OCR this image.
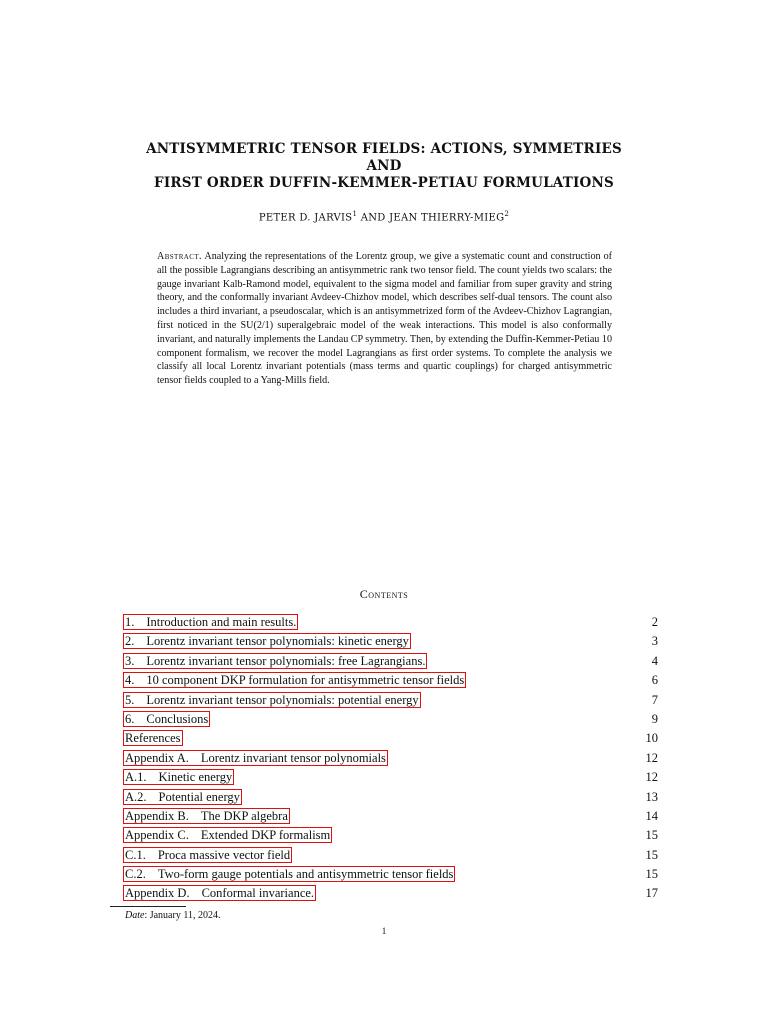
ANTISYMMETRIC TENSOR FIELDS: ACTIONS, SYMMETRIES
AND
FIRST ORDER DUFFIN-KEMMER-PETIAU FORMULATIONS
PETER D. JARVIS$^1$ AND JEAN THIERRY-MIEG$^2$
Abstract. Analyzing the representations of the Lorentz group, we give a systematic count and construction of all the possible Lagrangians describing an antisymmetric rank two tensor field. The count yields two scalars: the gauge invariant Kalb-Ramond model, equivalent to the sigma model and familiar from super gravity and string theory, and the conformally invariant Avdeev-Chizhov model, which describes self-dual tensors. The count also includes a third invariant, a pseudoscalar, which is an antisymmetrized form of the Avdeev-Chizhov Lagrangian, first noticed in the SU(2/1) superalgebraic model of the weak interactions. This model is also conformally invariant, and naturally implements the Landau CP symmetry. Then, by extending the Duffin-Kemmer-Petiau 10 component formalism, we recover the model Lagrangians as first order systems. To complete the analysis we classify all local Lorentz invariant potentials (mass terms and quartic couplings) for charged antisymmetric tensor fields coupled to a Yang-Mills field.
Contents
1. Introduction and main results.	2
2. Lorentz invariant tensor polynomials: kinetic energy	3
3. Lorentz invariant tensor polynomials: free Lagrangians.	4
4. 10 component DKP formulation for antisymmetric tensor fields	6
5. Lorentz invariant tensor polynomials: potential energy	7
6. Conclusions	9
References	10
Appendix A. Lorentz invariant tensor polynomials	12
A.1. Kinetic energy	12
A.2. Potential energy	13
Appendix B. The DKP algebra	14
Appendix C. Extended DKP formalism	15
C.1. Proca massive vector field	15
C.2. Two-form gauge potentials and antisymmetric tensor fields	15
Appendix D. Conformal invariance.	17
Date: January 11, 2024.
1
